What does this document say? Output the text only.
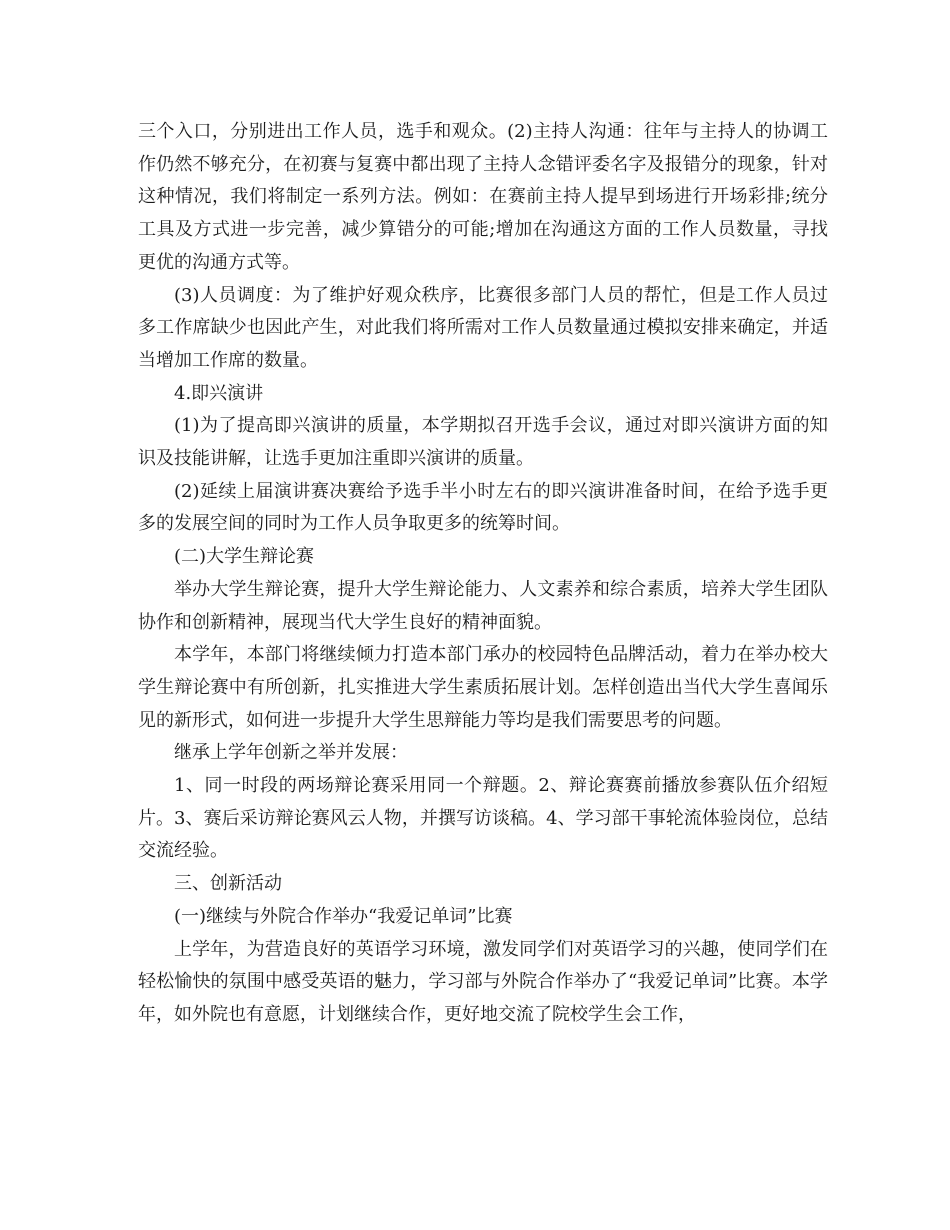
三个入口，分别进出工作人员，选手和观众。(2)主持人沟通：往年与主持人的协调工作仍然不够充分，在初赛与复赛中都出现了主持人念错评委名字及报错分的现象，针对这种情况，我们将制定一系列方法。例如：在赛前主持人提早到场进行开场彩排;统分工具及方式进一步完善，减少算错分的可能;增加在沟通这方面的工作人员数量，寻找更优的沟通方式等。

(3)人员调度：为了维护好观众秩序，比赛很多部门人员的帮忙，但是工作人员过多工作席缺少也因此产生，对此我们将所需对工作人员数量通过模拟安排来确定，并适当增加工作席的数量。

4.即兴演讲

(1)为了提高即兴演讲的质量，本学期拟召开选手会议，通过对即兴演讲方面的知识及技能讲解，让选手更加注重即兴演讲的质量。

(2)延续上届演讲赛决赛给予选手半小时左右的即兴演讲准备时间，在给予选手更多的发展空间的同时为工作人员争取更多的统筹时间。

(二)大学生辩论赛

举办大学生辩论赛，提升大学生辩论能力、人文素养和综合素质，培养大学生团队协作和创新精神，展现当代大学生良好的精神面貌。

本学年，本部门将继续倾力打造本部门承办的校园特色品牌活动，着力在举办校大学生辩论赛中有所创新，扎实推进大学生素质拓展计划。怎样创造出当代大学生喜闻乐见的新形式，如何进一步提升大学生思辩能力等均是我们需要思考的问题。

继承上学年创新之举并发展：

1、同一时段的两场辩论赛采用同一个辩题。2、辩论赛赛前播放参赛队伍介绍短片。3、赛后采访辩论赛风云人物，并撰写访谈稿。4、学习部干事轮流体验岗位，总结交流经验。

三、创新活动

(一)继续与外院合作举办“我爱记单词”比赛

上学年，为营造良好的英语学习环境，激发同学们对英语学习的兴趣，使同学们在轻松愉快的氛围中感受英语的魅力，学习部与外院合作举办了“我爱记单词”比赛。本学年，如外院也有意愿，计划继续合作，更好地交流了院校学生会工作，
